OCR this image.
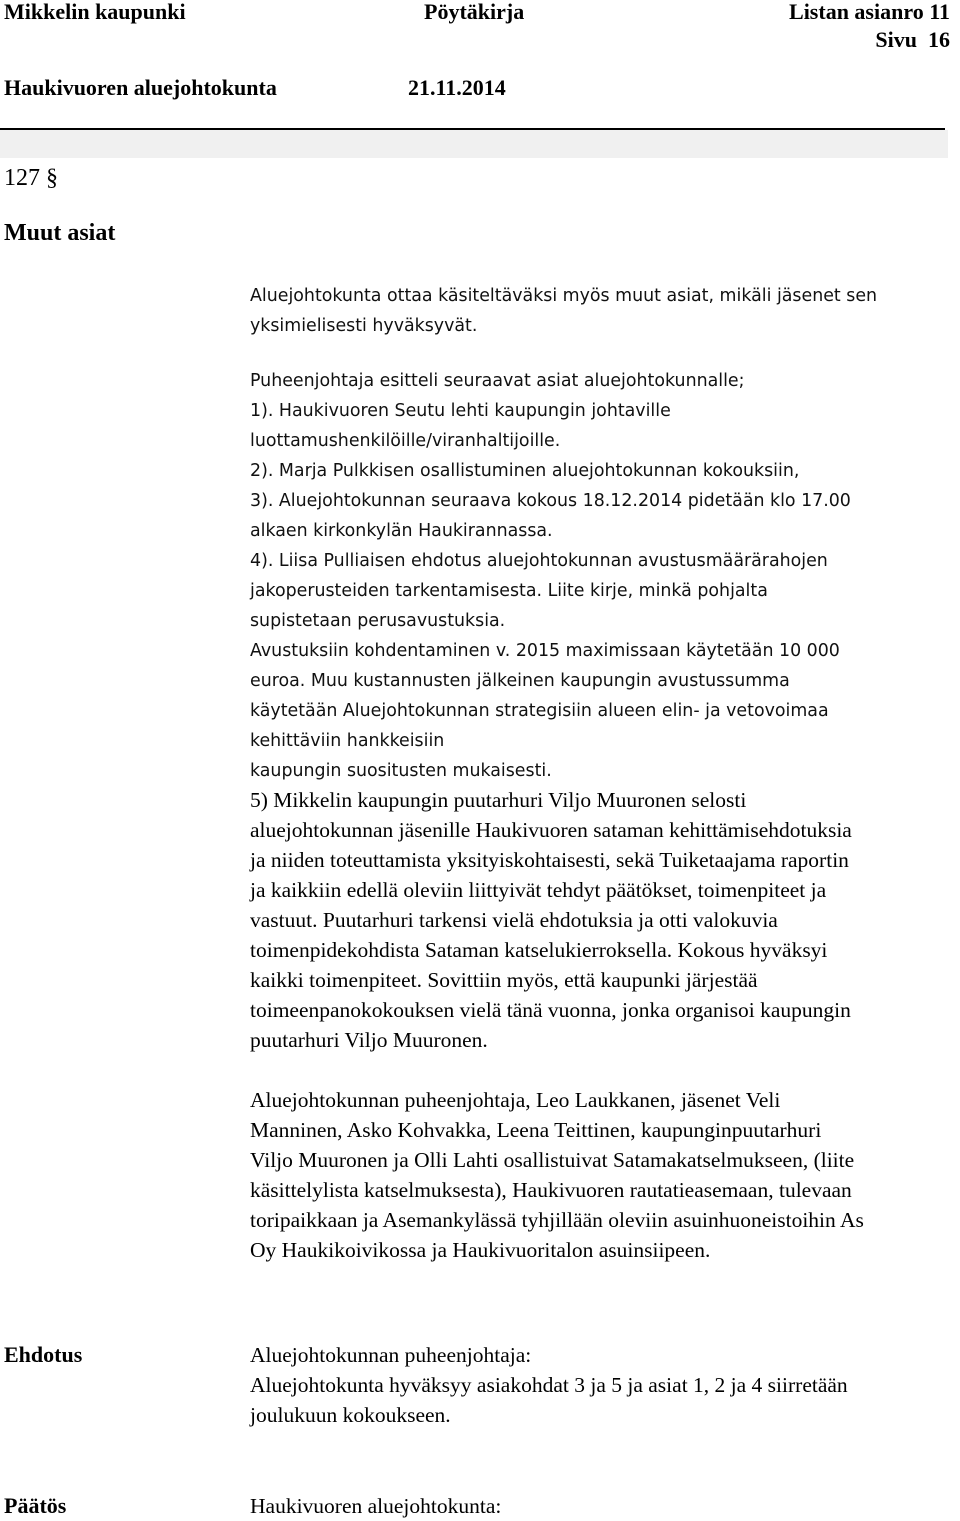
Mikkelin kaupunki	Pöytäkirja	Listan asianro 11
Sivu  16
Haukivuoren aluejohtokunta	21.11.2014
127 §
Muut asiat

Aluejohtokunta ottaa käsiteltäväksi myös muut asiat, mikäli jäsenet sen

yksimielisesti hyväksyvät.

Puheenjohtaja esitteli seuraavat asiat aluejohtokunnalle;

1). Haukivuoren Seutu lehti kaupungin johtaville

luottamushenkilöille/viranhaltijoille.

2). Marja Pulkkisen osallistuminen aluejohtokunnan kokouksiin,

3). Aluejohtokunnan seuraava kokous 18.12.2014 pidetään klo 17.00

alkaen kirkonkylän Haukirannassa.

4). Liisa Pulliaisen ehdotus aluejohtokunnan avustusmäärärahojen

jakoperusteiden tarkentamisesta. Liite kirje, minkä pohjalta

supistetaan perusavustuksia.

Avustuksiin kohdentaminen v. 2015 maximissaan käytetään 10 000

euroa. Muu kustannusten jälkeinen kaupungin avustussumma

käytetään Aluejohtokunnan strategisiin alueen elin- ja vetovoimaa

kehittäviin hankkeisiin

kaupungin suositusten mukaisesti.

5) Mikkelin kaupungin puutarhuri Viljo Muuronen selosti

aluejohtokunnan jäsenille Haukivuoren sataman kehittämisehdotuksia

ja niiden toteuttamista yksityiskohtaisesti, sekä Tuiketaajama raportin

ja kaikkiin edellä oleviin liittyivät tehdyt päätökset, toimenpiteet ja

vastuut. Puutarhuri tarkensi vielä ehdotuksia ja otti valokuvia

toimenpidekohdista Sataman katselukierroksella. Kokous hyväksyi

kaikki toimenpiteet. Sovittiin myös, että kaupunki järjestää

toimeenpanokokouksen vielä tänä vuonna, jonka organisoi kaupungin

puutarhuri Viljo Muuronen.

Aluejohtokunnan puheenjohtaja, Leo Laukkanen, jäsenet Veli

Manninen, Asko Kohvakka, Leena Teittinen, kaupunginpuutarhuri

Viljo Muuronen ja Olli Lahti osallistuivat Satamakatselmukseen, (liite

käsittelylista katselmuksesta), Haukivuoren rautatieasemaan, tulevaan

toripaikkaan ja Asemankylässä tyhjillään oleviin asuinhuoneistoihin As

Oy Haukikoivikossa ja Haukivuoritalon asuinsiipeen.

Ehdotus	Aluejohtokunnan puheenjohtaja:

Aluejohtokunta hyväksyy asiakohdat 3 ja 5 ja asiat 1, 2 ja 4 siirretään

joulukuun kokoukseen.

Päätös	Haukivuoren aluejohtokunta:
